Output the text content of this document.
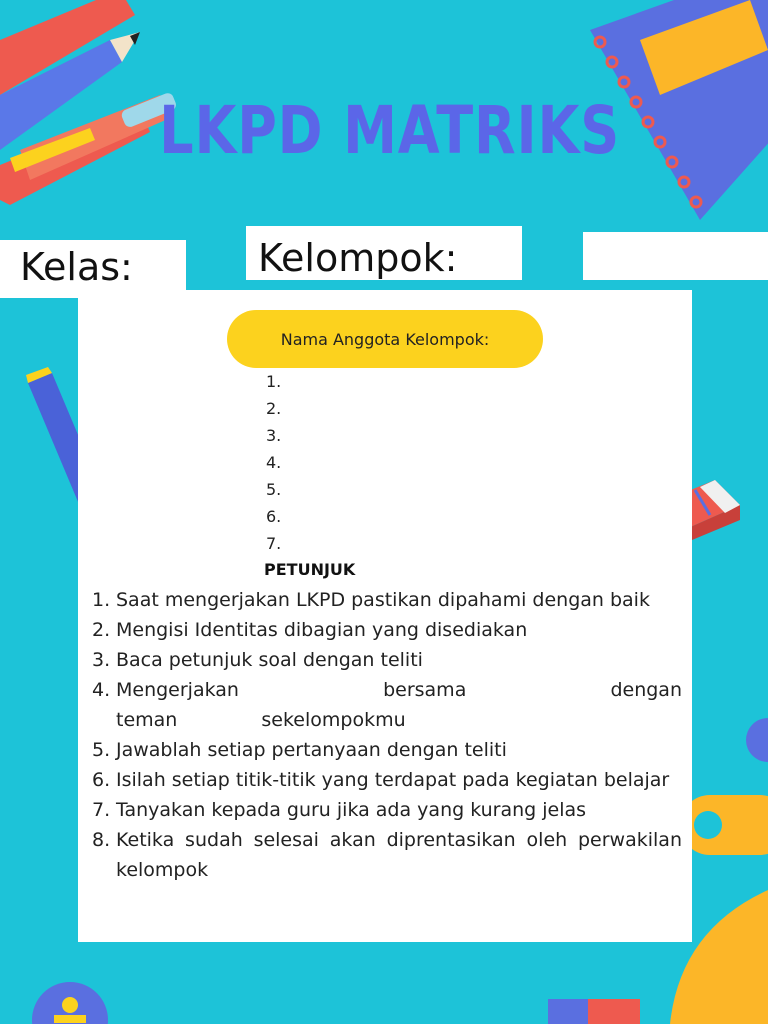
LKPD MATRIKS
Kelas:	Kelompok:
Nama Anggota Kelompok:
1.
2.
3.
4.
5.
6.
7.
PETUNJUK
1. Saat mengerjakan LKPD pastikan dipahami dengan baik
2. Mengisi Identitas dibagian yang disediakan
3. Baca petunjuk soal dengan teliti
4. Mengerjakan bersama dengan teman sekelompokmu
5. Jawablah setiap pertanyaan dengan teliti
6. Isilah setiap titik-titik yang terdapat pada kegiatan belajar
7. Tanyakan kepada guru jika ada yang kurang jelas
8. Ketika sudah selesai akan diprentasikan oleh perwakilan kelompok
